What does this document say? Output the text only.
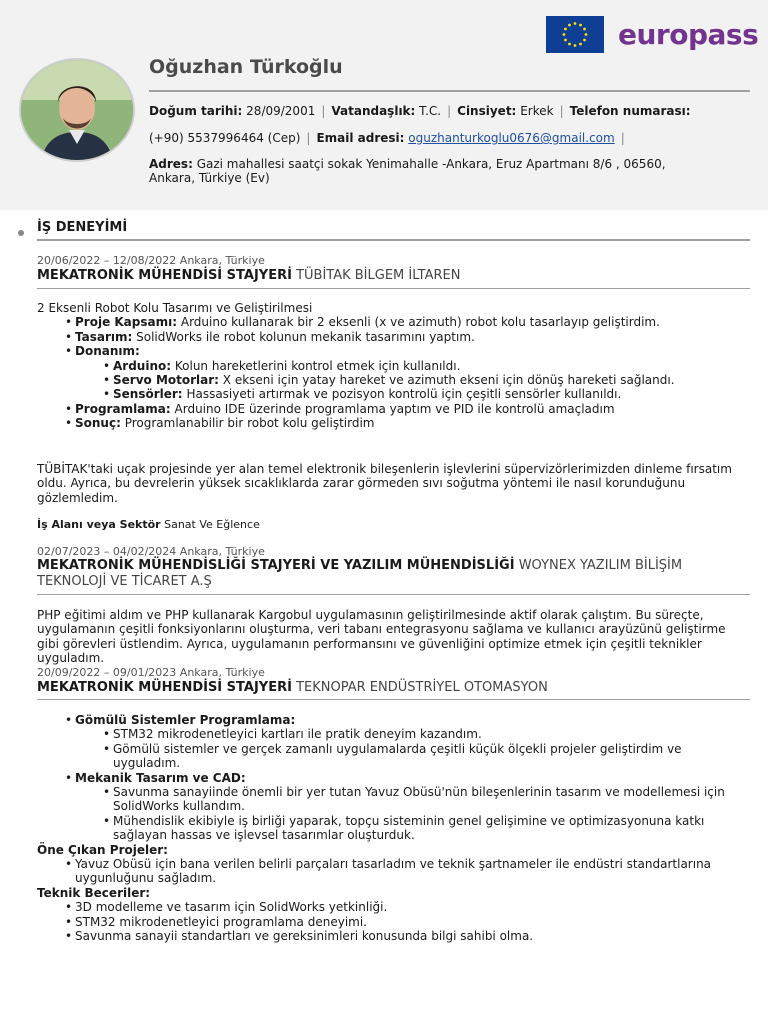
europass
Oğuzhan Türkoğlu
Doğum tarihi: 28/09/2001 | Vatandaşlık: T.C. | Cinsiyet: Erkek | Telefon numarası:
(+90) 5537996464 (Cep) | Email adresi: oguzhanturkoglu0676@gmail.com |
Adres: Gazi mahallesi saatçi sokak Yenimahalle -Ankara, Eruz Apartmanı 8/6 , 06560, Ankara, Türkiye (Ev)
İŞ DENEYİMİ
20/06/2022 – 12/08/2022 Ankara, Türkiye
MEKATRONİK MÜHENDİSİ STAJYERİ TÜBİTAK BİLGEM İLTAREN
2 Eksenli Robot Kolu Tasarımı ve Geliştirilmesi
• Proje Kapsamı: Arduino kullanarak bir 2 eksenli (x ve azimuth) robot kolu tasarlayıp geliştirdim.
• Tasarım: SolidWorks ile robot kolunun mekanik tasarımını yaptım.
• Donanım:
• Arduino: Kolun hareketlerini kontrol etmek için kullanıldı.
• Servo Motorlar: X ekseni için yatay hareket ve azimuth ekseni için dönüş hareketi sağlandı.
• Sensörler: Hassasiyeti artırmak ve pozisyon kontrolü için çeşitli sensörler kullanıldı.
• Programlama: Arduino IDE üzerinde programlama yaptım ve PID ile kontrolü amaçladım
• Sonuç: Programlanabilir bir robot kolu geliştirdim
TÜBİTAK'taki uçak projesinde yer alan temel elektronik bileşenlerin işlevlerini süpervizörlerimizden dinleme fırsatım oldu. Ayrıca, bu devrelerin yüksek sıcaklıklarda zarar görmeden sıvı soğutma yöntemi ile nasıl korunduğunu gözlemledim.
İş Alanı veya Sektör Sanat Ve Eğlence
02/07/2023 – 04/02/2024 Ankara, Türkiye
MEKATRONİK MÜHENDİSLİĞİ STAJYERİ VE YAZILIM MÜHENDİSLİĞİ WOYNEX YAZILIM BİLİŞİM TEKNOLOJİ VE TİCARET A.Ş
PHP eğitimi aldım ve PHP kullanarak Kargobul uygulamasının geliştirilmesinde aktif olarak çalıştım. Bu süreçte, uygulamanın çeşitli fonksiyonlarını oluşturma, veri tabanı entegrasyonu sağlama ve kullanıcı arayüzünü geliştirme gibi görevleri üstlendim. Ayrıca, uygulamanın performansını ve güvenliğini optimize etmek için çeşitli teknikler uyguladım.
20/09/2022 – 09/01/2023 Ankara, Türkiye
MEKATRONİK MÜHENDİSİ STAJYERİ TEKNOPAR ENDÜSTRİYEL OTOMASYON
• Gömülü Sistemler Programlama:
• STM32 mikrodenetleyici kartları ile pratik deneyim kazandım.
• Gömülü sistemler ve gerçek zamanlı uygulamalarda çeşitli küçük ölçekli projeler geliştirdim ve uyguladım.
• Mekanik Tasarım ve CAD:
• Savunma sanayiinde önemli bir yer tutan Yavuz Obüsü'nün bileşenlerinin tasarım ve modellemesi için SolidWorks kullandım.
• Mühendislik ekibiyle iş birliği yaparak, topçu sisteminin genel gelişimine ve optimizasyonuna katkı sağlayan hassas ve işlevsel tasarımlar oluşturduk.
Öne Çıkan Projeler:
• Yavuz Obüsü için bana verilen belirli parçaları tasarladım ve teknik şartnameler ile endüstri standartlarına uygunluğunu sağladım.
Teknik Beceriler:
• 3D modelleme ve tasarım için SolidWorks yetkinliği.
• STM32 mikrodenetleyici programlama deneyimi.
• Savunma sanayii standartları ve gereksinimleri konusunda bilgi sahibi olma.
